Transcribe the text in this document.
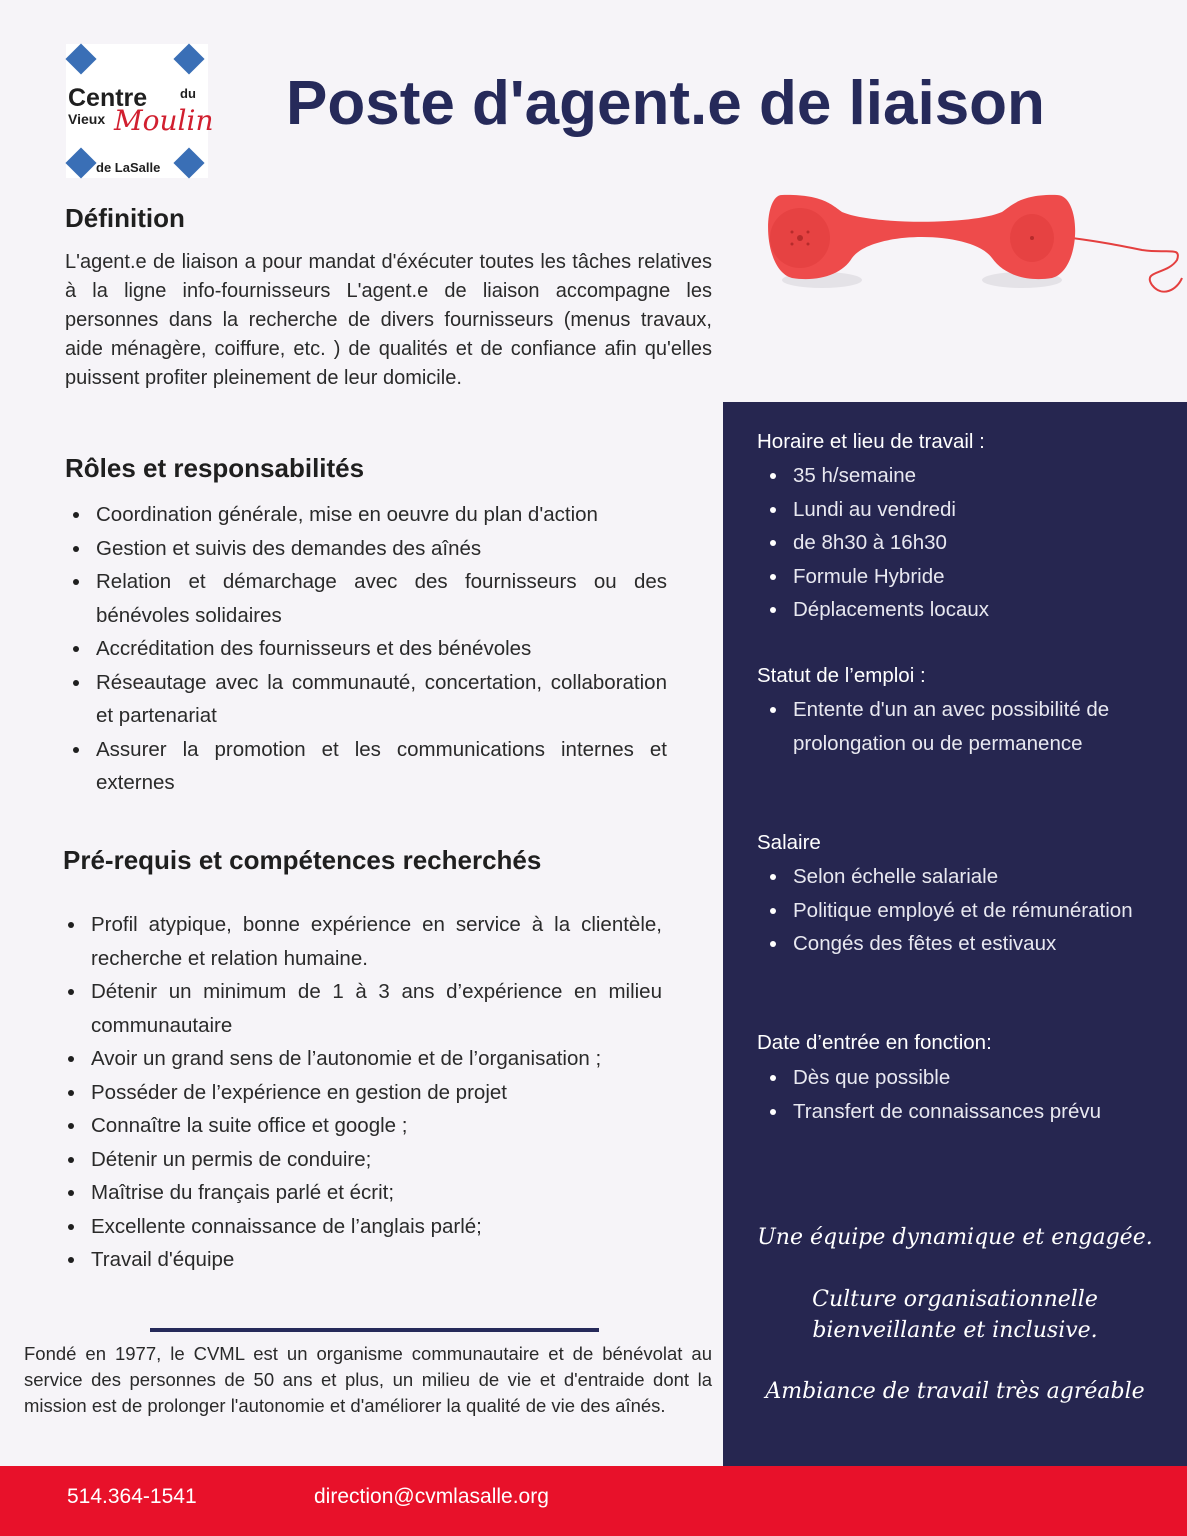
Centre	du
Vieux Moulin
de LaSalle
Poste d'agent.e de liaison
Définition

L'agent.e de liaison a pour mandat d'éxécuter toutes les tâches relatives à la ligne info-fournisseurs L'agent.e de liaison accompagne les personnes dans la recherche de divers fournisseurs (menus travaux, aide ménagère, coiffure, etc. ) de qualités et de confiance afin qu'elles puissent profiter pleinement de leur domicile.

Rôles et responsabilités
Coordination générale, mise en oeuvre du plan d'action
Gestion et suivis des demandes des aînés
Relation et démarchage avec des fournisseurs ou des bénévoles solidaires
Accréditation des fournisseurs et des bénévoles
Réseautage avec la communauté, concertation, collaboration et partenariat
Assurer la promotion et les communications internes et externes
Pré-requis et compétences recherchés
Profil atypique, bonne expérience en service à la clientèle, recherche et relation humaine.
Détenir un minimum de 1 à 3 ans d’expérience en milieu communautaire
Avoir un grand sens de l’autonomie et de l’organisation ;
Posséder de l’expérience en gestion de projet
Connaître la suite office et google ;
Détenir un permis de conduire;
Maîtrise du français parlé et écrit;
Excellente connaissance de l’anglais parlé;
Travail d'équipe

Fondé en 1977, le CVML est un organisme communautaire et de bénévolat au service des personnes de 50 ans et plus, un milieu de vie et d'entraide dont la mission est de prolonger l'autonomie et d'améliorer la qualité de vie des aînés.

Horaire et lieu de travail :
35 h/semaine
Lundi au vendredi
de 8h30 à 16h30
Formule Hybride
Déplacements locaux
Statut de l’emploi :
Entente d'un an avec possibilité de prolongation ou de permanence
Salaire
Selon échelle salariale
Politique employé et de rémunération
Congés des fêtes et estivaux
Date d’entrée en fonction:
Dès que possible
Transfert de connaissances prévu
Une équipe dynamique et engagée.
Culture organisationnelle bienveillante et inclusive.
Ambiance de travail très agréable
514.364-1541	direction@cvmlasalle.org
